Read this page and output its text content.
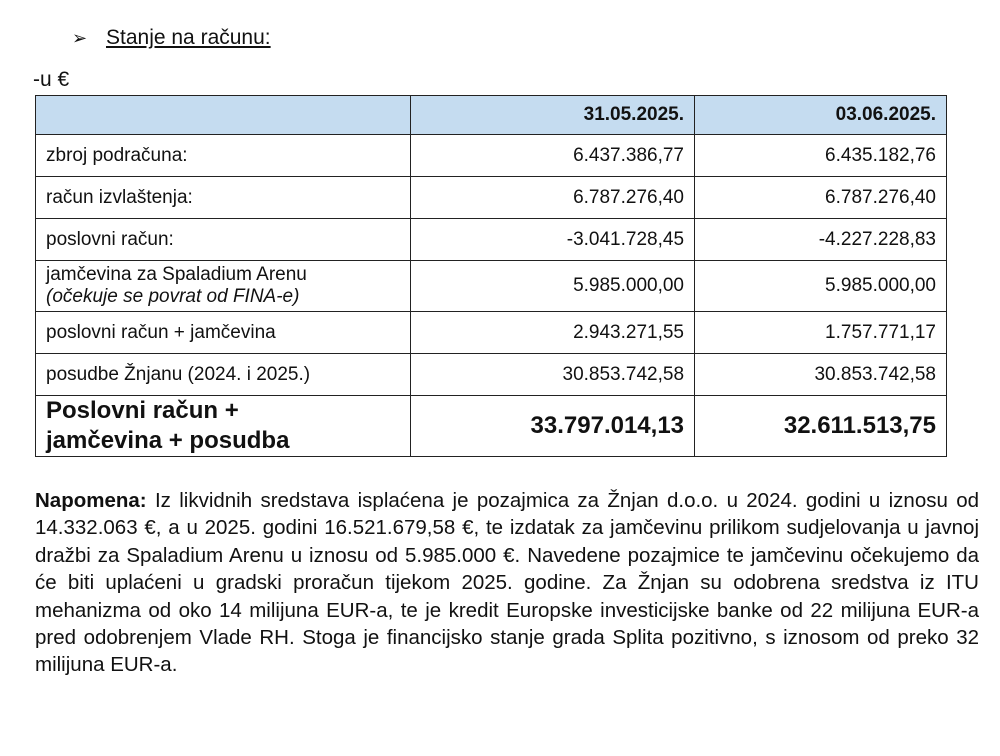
➢ Stanje na računu:
-u €
	31.05.2025.	03.06.2025.
zbroj podračuna:	6.437.386,77	6.435.182,76
račun izvlaštenja:	6.787.276,40	6.787.276,40
poslovni račun:	-3.041.728,45	-4.227.228,83

jamčevina za Spaladium Arenu
(očekuje se povrat od FINA-e)	5.985.000,00	5.985.000,00
poslovni račun + jamčevina	2.943.271,55	1.757.771,17
posudbe Žnjanu (2024. i 2025.)	30.853.742,58	30.853.742,58

Poslovni račun +
jamčevina + posudba	33.797.014,13	32.611.513,75
Napomena: Iz likvidnih sredstava isplaćena je pozajmica za Žnjan d.o.o. u 2024. godini u iznosu od 14.332.063 €, a u 2025. godini 16.521.679,58 €, te izdatak za jamčevinu prilikom sudjelovanja u javnoj dražbi za Spaladium Arenu u iznosu od 5.985.000 €. Navedene pozajmice te jamčevinu očekujemo da će biti uplaćeni u gradski proračun tijekom 2025. godine. Za Žnjan su odobrena sredstva iz ITU mehanizma od oko 14 milijuna EUR-a, te je kredit Europske investicijske banke od 22 milijuna EUR-a pred odobrenjem Vlade RH. Stoga je financijsko stanje grada Splita pozitivno, s iznosom od preko 32 milijuna EUR-a.
